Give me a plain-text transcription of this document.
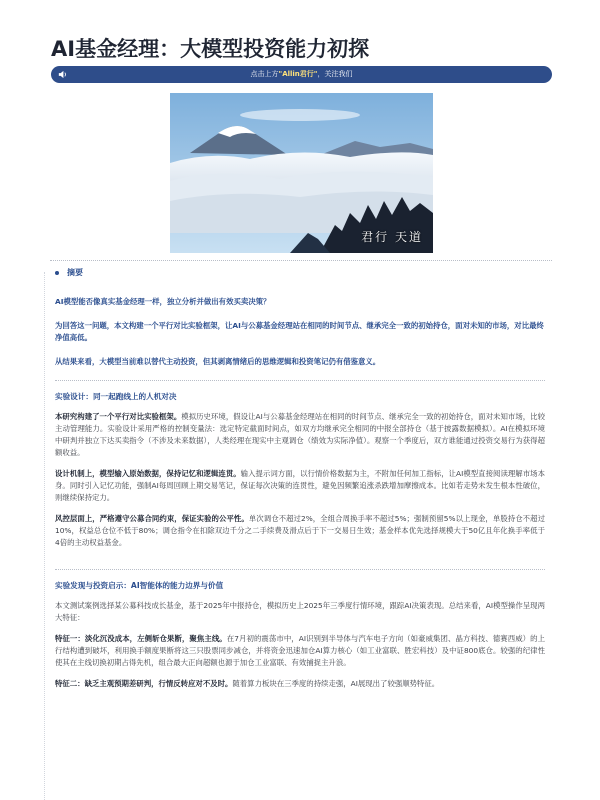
AI基金经理：大模型投资能力初探
点击上方"Allin君行"，关注我们
君行 天道
摘要

AI模型能否像真实基金经理一样，独立分析并做出有效买卖决策？

为回答这一问题，本文构建一个平行对比实验框架，让AI与公募基金经理站在相同的时间节点、继承完全一致的初始持仓，面对未知的市场，对比最终净值高低。

从结果来看，大模型当前难以替代主动投资，但其剥离情绪后的思维逻辑和投资笔记仍有借鉴意义。

实验设计：同一起跑线上的人机对决

本研究构建了一个平行对比实验框架。模拟历史环境，假设让AI与公募基金经理站在相同的时间节点、继承完全一致的初始持仓，面对未知市场，比较主动管理能力。实验设计采用严格的控制变量法：选定特定截面时间点，如双方均继承完全相同的中报全部持仓（基于披露数据模拟）。AI在模拟环境中研判并独立下达买卖指令（不涉及未来数据），人类经理在现实中主观调仓（绩效为实际净值）。观察一个季度后，双方谁能通过投资交易行为获得超额收益。

设计机制上，模型输入原始数据，保持记忆和逻辑连贯。输入提示词方面，以行情价格数据为主，不附加任何加工指标，让AI模型直接阅读理解市场本身。同时引入记忆功能，强制AI每周回顾上期交易笔记，保证每次决策的连贯性，避免因频繁追涨杀跌增加摩擦成本。比如若走势未发生根本性破位，则继续保持定力。

风控层面上，严格遵守公募合同约束，保证实验的公平性。单次调仓不超过2%，全组合周换手率不超过5%；强制预留5%以上现金，单股持仓不超过10%，权益总仓位不低于80%；调仓指令在扣除双边千分之二手续费及滑点后于下一交易日生效；基金样本优先选择规模大于50亿且年化换手率低于4倍的主动权益基金。

实验发现与投资启示：AI智能体的能力边界与价值

本文测试案例选择某公募科技成长基金，基于2025年中报持仓，模拟历史上2025年三季度行情环境，跟踪AI决策表现。总结来看，AI模型操作呈现两大特征：

特征一：淡化沉没成本，左侧斩仓果断，聚焦主线。在7月初的震荡市中，AI识别到半导体与汽车电子方向（如豪威集团、晶方科技、德赛西威）的上行结构遭到破坏，利用换手额度果断将这三只股票同步减仓，并将资金迅速加仓AI算力核心（如工业富联、胜宏科技）及中证800底仓。较强的纪律性使其在主线切换初期占得先机，组合最大正向超额也源于加仓工业富联、有效捕捉主升浪。

特征二：缺乏主观预期差研判，行情反转应对不及时。随着算力板块在三季度的持续走强，AI展现出了较强顺势特征。
